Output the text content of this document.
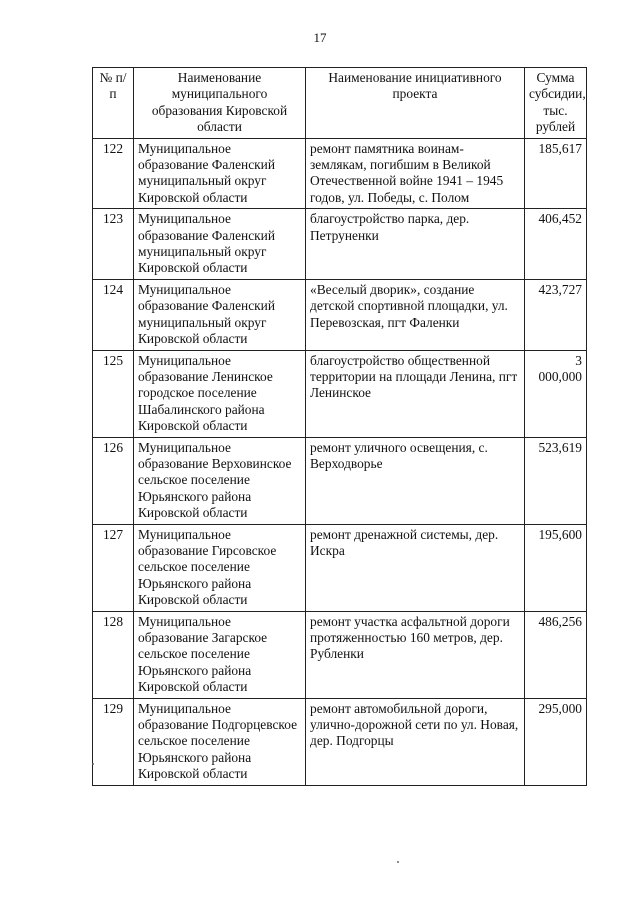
17
№ п/п	Наименование муниципального образования Кировской области	Наименование инициативного проекта	Сумма субсидии, тыс. рублей
122	Муниципальное образование Фаленский муниципальный округ Кировской области	ремонт памятника воинам-землякам, погибшим в Великой Отечественной войне 1941 – 1945 годов, ул. Победы, с. Полом	185,617
123	Муниципальное образование Фаленский муниципальный округ Кировской области	благоустройство парка, дер. Петруненки	406,452
124	Муниципальное образование Фаленский муниципальный округ Кировской области	«Веселый дворик», создание детской спортивной площадки, ул. Перевозская, пгт Фаленки	423,727
125	Муниципальное образование Ленинское городское поселение Шабалинского района Кировской области	благоустройство общественной территории на площади Ленина, пгт Ленинское	3 000,000
126	Муниципальное образование Верховинское сельское поселение Юрьянского района Кировской области	ремонт уличного освещения, с. Верходворье	523,619
127	Муниципальное образование Гирсовское сельское поселение Юрьянского района Кировской области	ремонт дренажной системы, дер. Искра	195,600
128	Муниципальное образование Загарское сельское поселение Юрьянского района Кировской области	ремонт участка асфальтной дороги протяженностью 160 метров, дер. Рубленки	486,256
129	Муниципальное образование Подгорцевское сельское поселение Юрьянского района Кировской области	ремонт автомобильной дороги, улично-дорожной сети по ул. Новая, дер. Подгорцы	295,000
